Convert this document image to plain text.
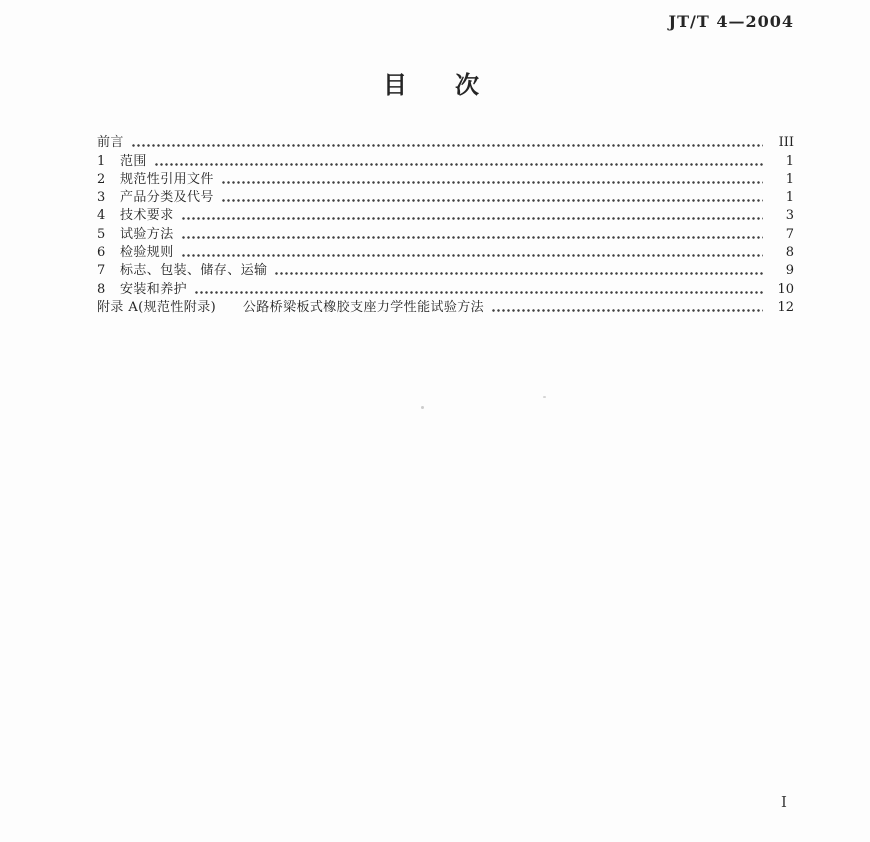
JT/T 4—2004
目　　次
前言	III
1	范围	1
2	规范性引用文件	1
3	产品分类及代号	1
4	技术要求	3
5	试验方法	7
6	检验规则	8
7	标志、包装、储存、运输	9
8	安装和养护	10
附录 A(规范性附录)　　公路桥梁板式橡胶支座力学性能试验方法	12
I
